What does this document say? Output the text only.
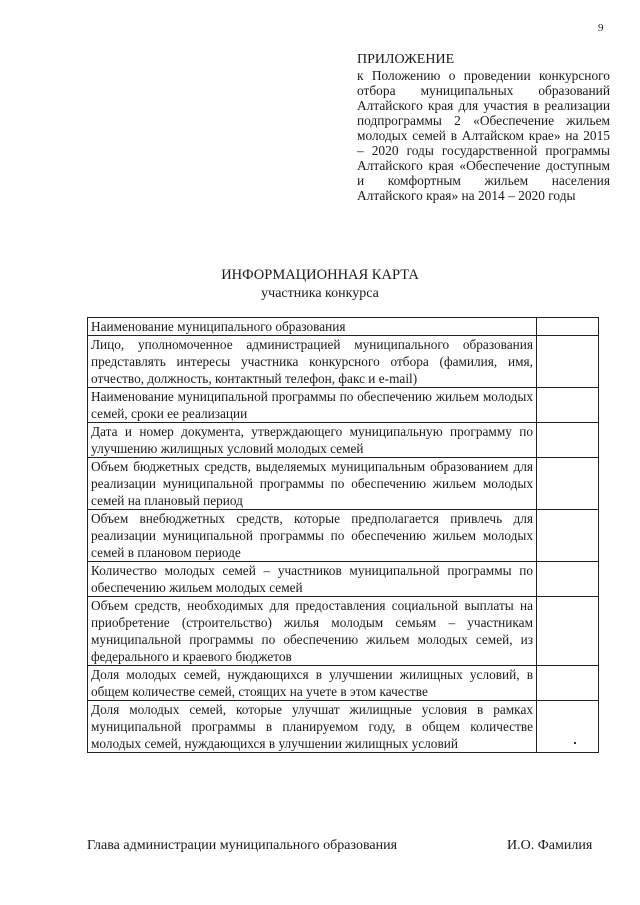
9
ПРИЛОЖЕНИЕ
к Положению о проведении конкурсного отбора муниципальных образований Алтайского края для участия в реализации подпрограммы 2 «Обеспечение жильем молодых семей в Алтайском крае» на 2015 – 2020 годы государственной программы Алтайского края «Обеспечение доступным и комфортным жильем населения Алтайского края» на 2014 – 2020 годы
ИНФОРМАЦИОННАЯ КАРТА
участника конкурса
Наименование муниципального образования	
Лицо, уполномоченное администрацией муниципального образования представлять интересы участника конкурсного отбора (фамилия, имя, отчество, должность, контактный телефон, факс и e-mail)	
Наименование муниципальной программы по обеспечению жильем молодых семей, сроки ее реализации	
Дата и номер документа, утверждающего муниципальную программу по улучшению жилищных условий молодых семей	
Объем бюджетных средств, выделяемых муниципальным образованием для реализации муниципальной программы по обеспечению жильем молодых семей на плановый период	
Объем внебюджетных средств, которые предполагается привлечь для реализации муниципальной программы по обеспечению жильем молодых семей в плановом периоде	
Количество молодых семей – участников муниципальной программы по обеспечению жильем молодых семей	
Объем средств, необходимых для предоставления социальной выплаты на приобретение (строительство) жилья молодым семьям – участникам муниципальной программы по обеспечению жильем молодых семей, из федерального и краевого бюджетов	
Доля молодых семей, нуждающихся в улучшении жилищных условий, в общем количестве семей, стоящих на учете в этом качестве	
Доля молодых семей, которые улучшат жилищные условия в рамках муниципальной программы в планируемом году, в общем количестве молодых семей, нуждающихся в улучшении жилищных условий	
Глава администрации муниципального образования	И.О. Фамилия
